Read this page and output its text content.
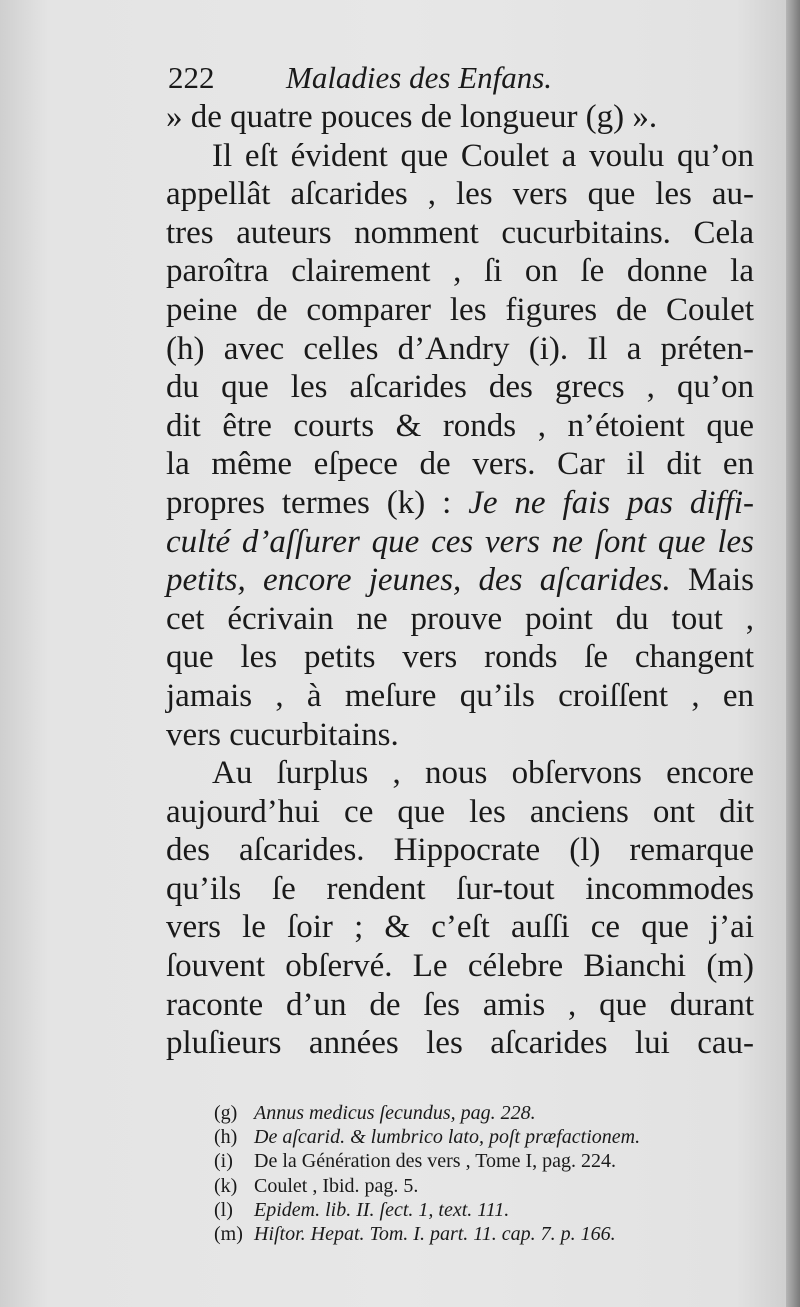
222 Maladies des Enfans.
» de quatre pouces de longueur (g) ».
Il eſt évident que Coulet a voulu qu’on
appellât aſcarides , les vers que les au-
tres auteurs nomment cucurbitains. Cela
paroîtra clairement , ſi on ſe donne la
peine de comparer les figures de Coulet
(h) avec celles d’Andry (i). Il a préten-
du que les aſcarides des grecs , qu’on
dit être courts & ronds , n’étoient que
la même eſpece de vers. Car il dit en
propres termes (k) : Je ne fais pas diffi-
culté d’aſſurer que ces vers ne ſont que les
petits, encore jeunes, des aſcarides. Mais
cet écrivain ne prouve point du tout ,
que les petits vers ronds ſe changent
jamais , à meſure qu’ils croiſſent , en
vers cucurbitains.
Au ſurplus , nous obſervons encore
aujourd’hui ce que les anciens ont dit
des aſcarides. Hippocrate (l) remarque
qu’ils ſe rendent ſur-tout incommodes
vers le ſoir ; & c’eſt auſſi ce que j’ai
ſouvent obſervé. Le célebre Bianchi (m)
raconte d’un de ſes amis , que durant
pluſieurs années les aſcarides lui cau-
(g) Annus medicus ſecundus, pag. 228.
(h) De aſcarid. & lumbrico lato, poſt præfactionem.
(i) De la Génération des vers , Tome I, pag. 224.
(k) Coulet , Ibid. pag. 5.
(l) Epidem. lib. II. ſect. 1, text. 111.
(m) Hiſtor. Hepat. Tom. I. part. 11. cap. 7. p. 166.
